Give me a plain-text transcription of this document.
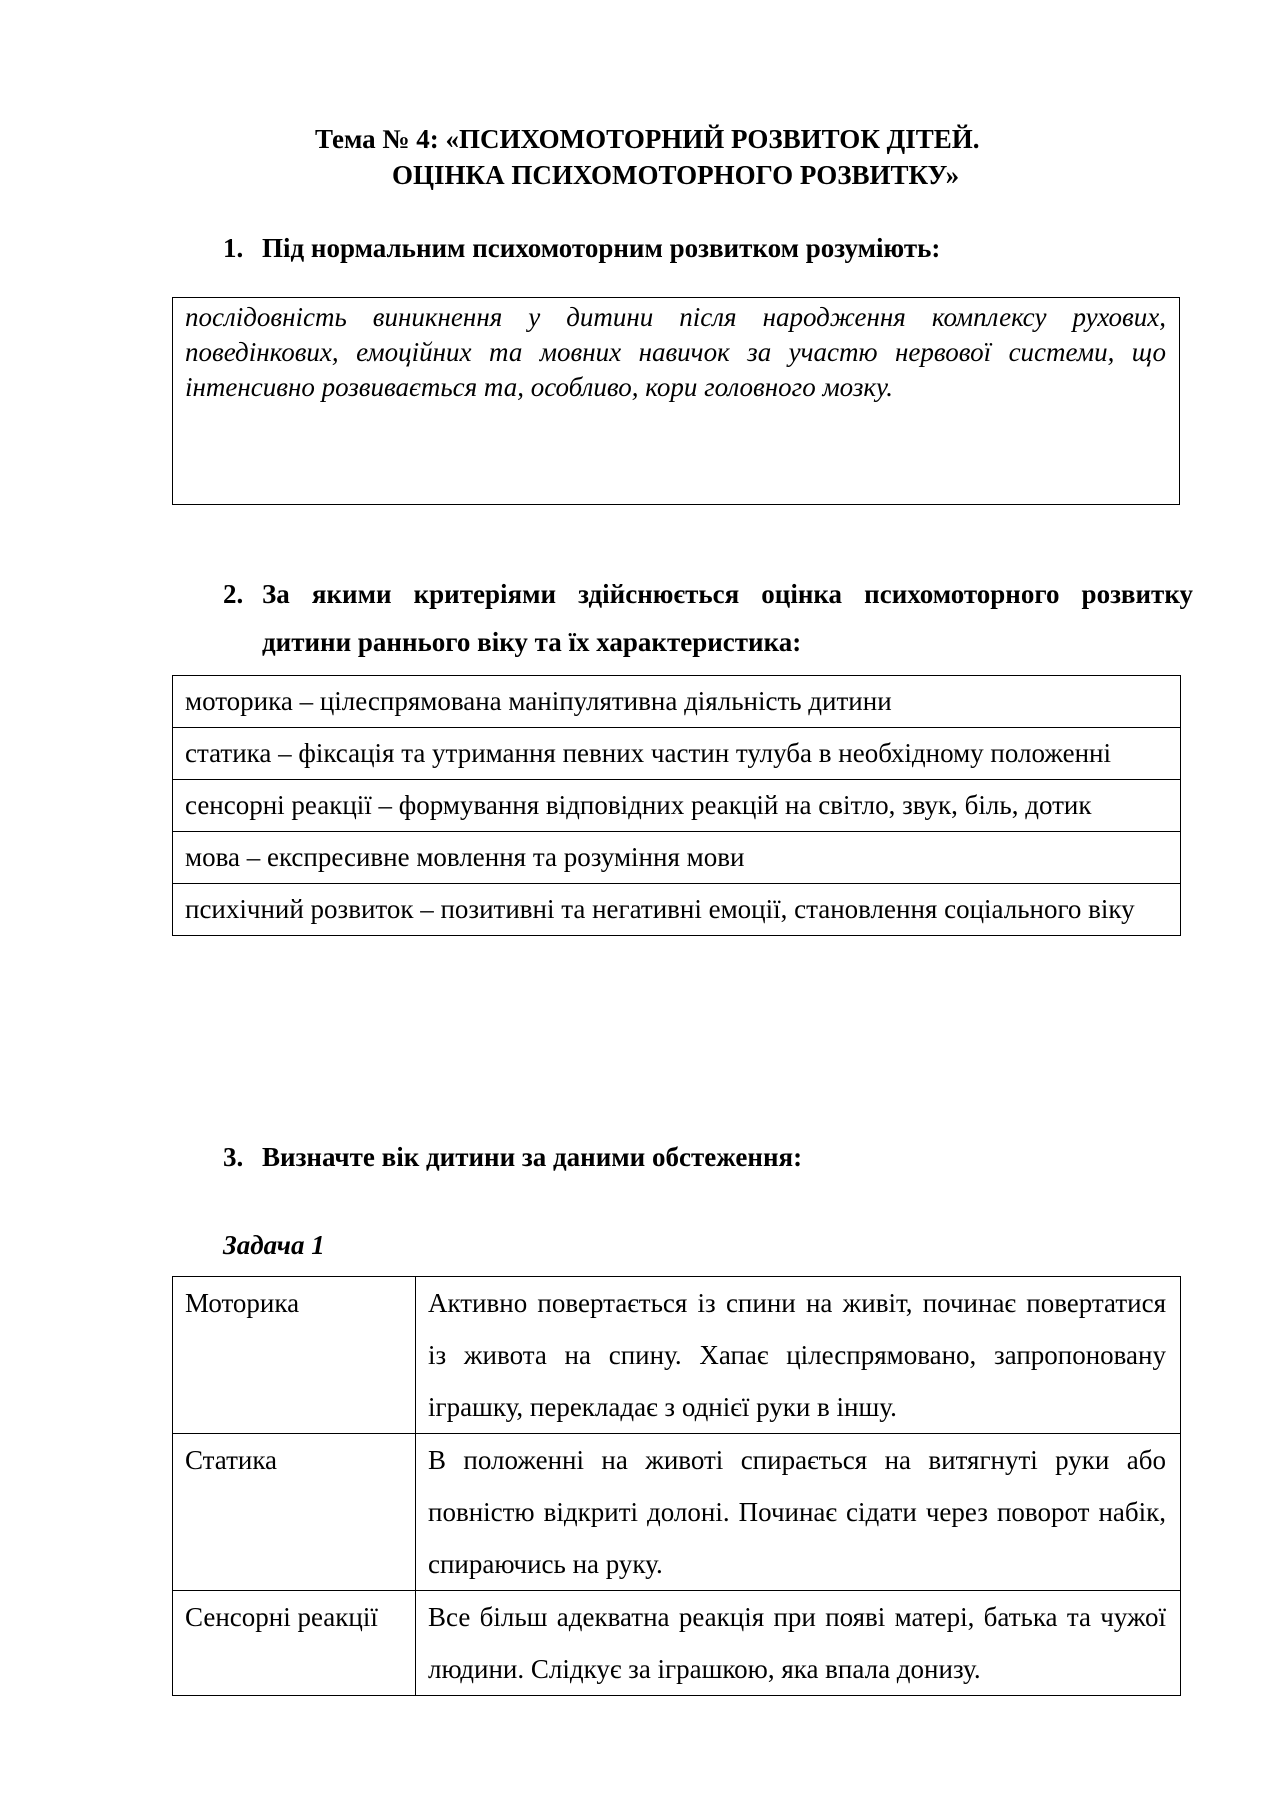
Тема № 4: «ПСИХОМОТОРНИЙ РОЗВИТОК ДІТЕЙ.
ОЦІНКА ПСИХОМОТОРНОГО РОЗВИТКУ»
1. Під нормальним психомоторним розвитком розуміють:
послідовність виникнення у дитини після народження комплексу рухових, поведінкових, емоційних та мовних навичок за участю нервової системи, що інтенсивно розвивається та, особливо, кори головного мозку.
2. За якими критеріями здійснюється оцінка психомоторного розвитку дитини раннього віку та їх характеристика:
моторика – цілеспрямована маніпулятивна діяльність дитини
статика – фіксація та утримання певних частин тулуба в необхідному положенні
сенсорні реакції – формування відповідних реакцій на світло, звук, біль, дотик
мова – експресивне мовлення та розуміння мови
психічний розвиток – позитивні та негативні емоції, становлення соціального віку
3. Визначте вік дитини за даними обстеження:
Задача 1
Моторика	Активно повертається із спини на живіт, починає повертатися із живота на спину. Хапає цілеспрямовано, запропоновану іграшку, перекладає з однієї руки в іншу.
Статика	В положенні на животі спирається на витягнуті руки або повністю відкриті долоні. Починає сідати через поворот набік, спираючись на руку.
Сенсорні реакції	Все більш адекватна реакція при появі матері, батька та чужої людини. Слідкує за іграшкою, яка впала донизу.
